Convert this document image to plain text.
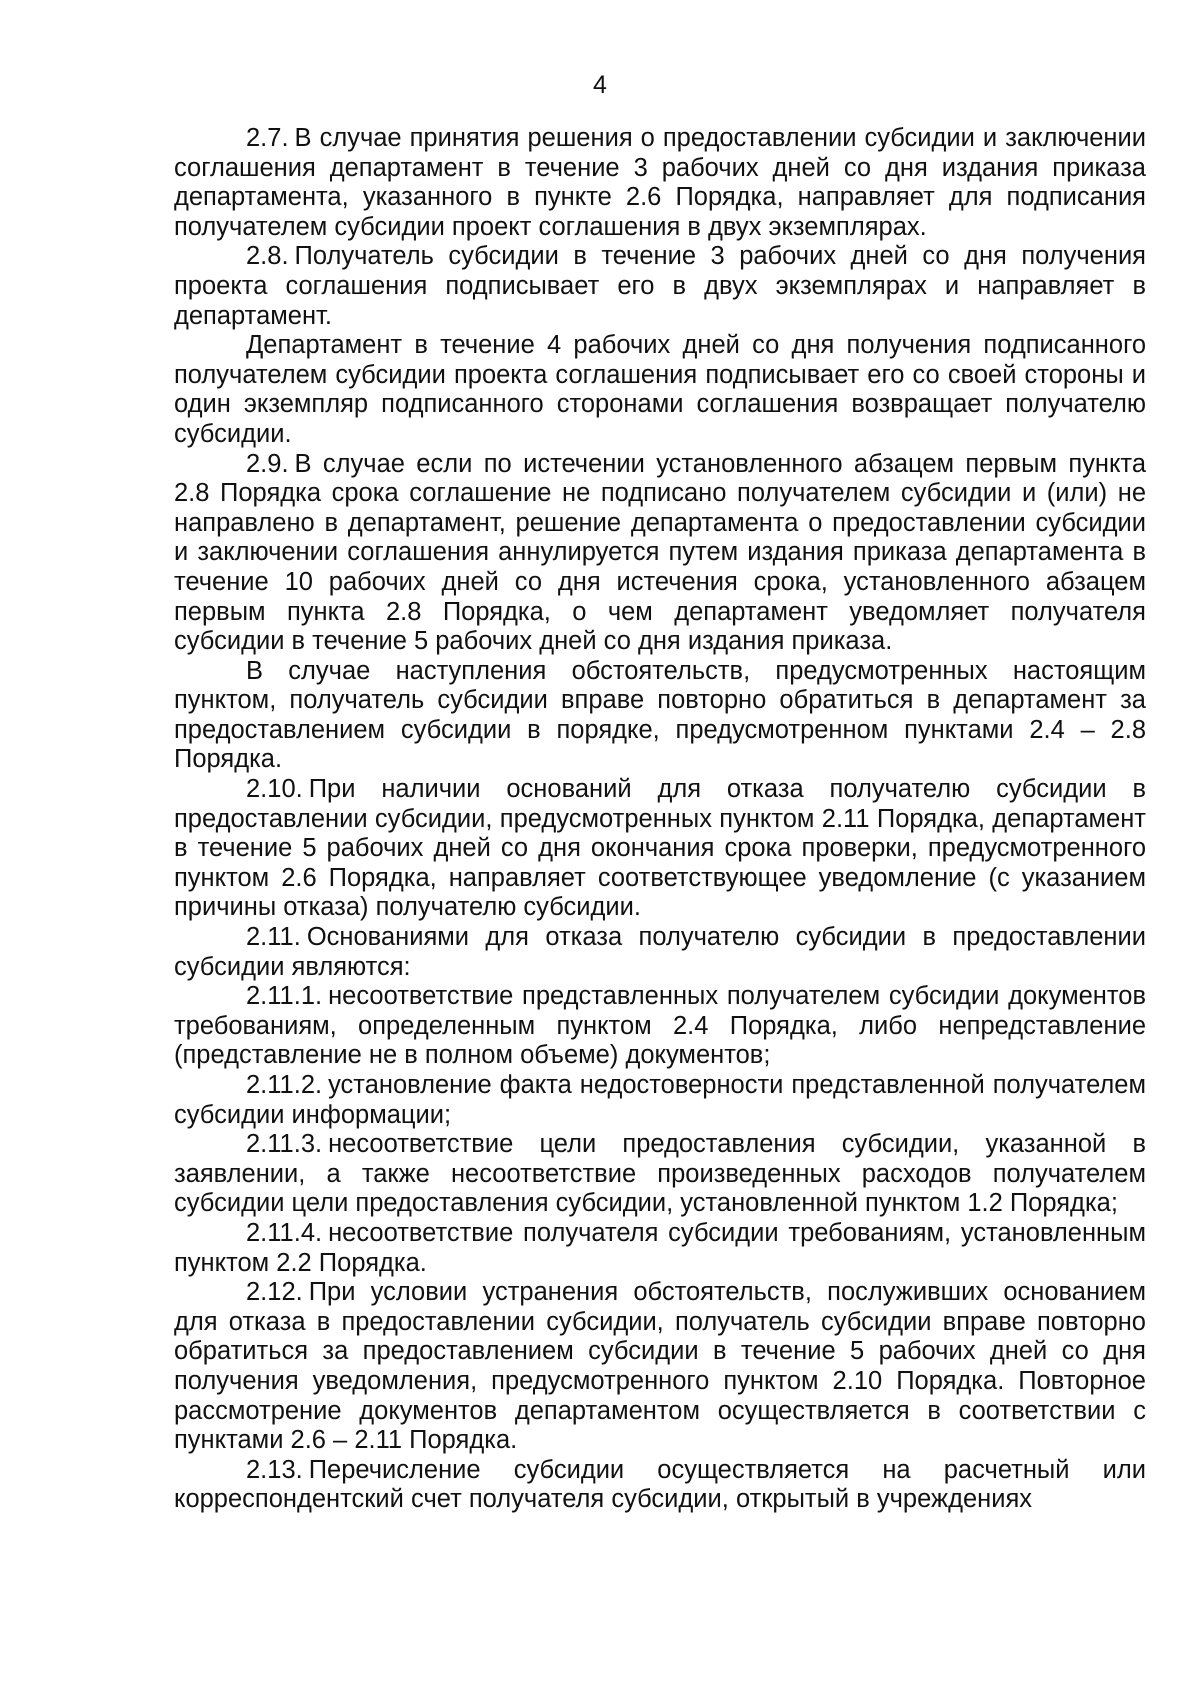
4

2.7. В случае принятия решения о предоставлении субсидии и заключении соглашения департамент в течение 3 рабочих дней со дня издания приказа департамента, указанного в пункте 2.6 Порядка, направляет для подписания получателем субсидии проект соглашения в двух экземплярах.

2.8. Получатель субсидии в течение 3 рабочих дней со дня получения проекта соглашения подписывает его в двух экземплярах и направляет в департамент.

Департамент в течение 4 рабочих дней со дня получения подписанного получателем субсидии проекта соглашения подписывает его со своей стороны и один экземпляр подписанного сторонами соглашения возвращает получателю субсидии.

2.9. В случае если по истечении установленного абзацем первым пункта 2.8 Порядка срока соглашение не подписано получателем субсидии и (или) не направлено в департамент, решение департамента о предоставлении субсидии и заключении соглашения аннулируется путем издания приказа департамента в течение 10 рабочих дней со дня истечения срока, установленного абзацем первым пункта 2.8 Порядка, о чем департамент уведомляет получателя субсидии в течение 5 рабочих дней со дня издания приказа.

В случае наступления обстоятельств, предусмотренных настоящим пунктом, получатель субсидии вправе повторно обратиться в департамент за предоставлением субсидии в порядке, предусмотренном пунктами 2.4 – 2.8 Порядка.

2.10. При наличии оснований для отказа получателю субсидии в предоставлении субсидии, предусмотренных пунктом 2.11 Порядка, департамент в течение 5 рабочих дней со дня окончания срока проверки, предусмотренного пунктом 2.6 Порядка, направляет соответствующее уведомление (с указанием причины отказа) получателю субсидии.

2.11. Основаниями для отказа получателю субсидии в предоставлении субсидии являются:

2.11.1. несоответствие представленных получателем субсидии документов требованиям, определенным пунктом 2.4 Порядка, либо непредставление (представление не в полном объеме) документов;

2.11.2. установление факта недостоверности представленной получателем субсидии информации;

2.11.3. несоответствие цели предоставления субсидии, указанной в заявлении, а также несоответствие произведенных расходов получателем субсидии цели предоставления субсидии, установленной пунктом 1.2 Порядка;

2.11.4. несоответствие получателя субсидии требованиям, установленным пунктом 2.2 Порядка.

2.12. При условии устранения обстоятельств, послуживших основанием для отказа в предоставлении субсидии, получатель субсидии вправе повторно обратиться за предоставлением субсидии в течение 5 рабочих дней со дня получения уведомления, предусмотренного пунктом 2.10 Порядка. Повторное рассмотрение документов департаментом осуществляется в соответствии с пунктами 2.6 – 2.11 Порядка.

2.13. Перечисление субсидии осуществляется на расчетный или корреспондентский счет получателя субсидии, открытый в учреждениях
